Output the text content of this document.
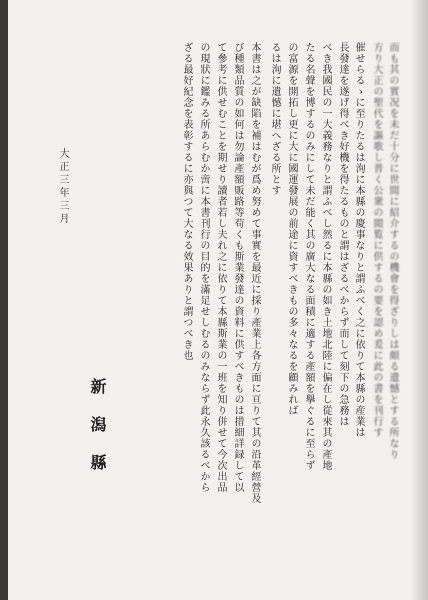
而も其の實况を未だ十分に世間に紹介するの機會を得ざりしは頗る遺憾とする所なり
方り大正の聖代を謳歌し普く公衆の閲覧に供するの要を認め爰に此の書を刊行す
催せらるゝに至りたるは洵に本縣の慶事なりと謂ふべく之に依りて本縣の産業は
長發達を遂げ得べき好機を得たるものと謂はざるべからず而して刻下の急務は
べき我國民の一大義務なりと謂ふべし然るに本縣の如き土地北陸に偏在し從來其の產地
たる名聲を博するのみにして未だ能く其の廣大なる面積に適する產額を擧ぐるに至らず
の富源を開拓し更に大に國運發展の前途に資すべきもの多々なるを顧みれば
るは洵に遺憾に堪へざる所とす
本書は之が缺陷を補はむが爲め努めて事實を最近に採り產業上各方面に亘りて其の沿革經營及
び種類品質の如何は勿論產額販路等苟くも斯業發達の資料に供すべきものは措細詳録して以
て參考に供せむことを期せり讀者若し夫れ之に依りて本縣斯業の一班を知り併せて今次出品
の現狀に鑑みる所あらむか啻に本書刊行の目的を滿足せしむるのみならず此永久該るべから
ざる最好紀念を表彰するに亦與つて大なる效果ありと謂つべき也
大正三年三月
新潟縣
